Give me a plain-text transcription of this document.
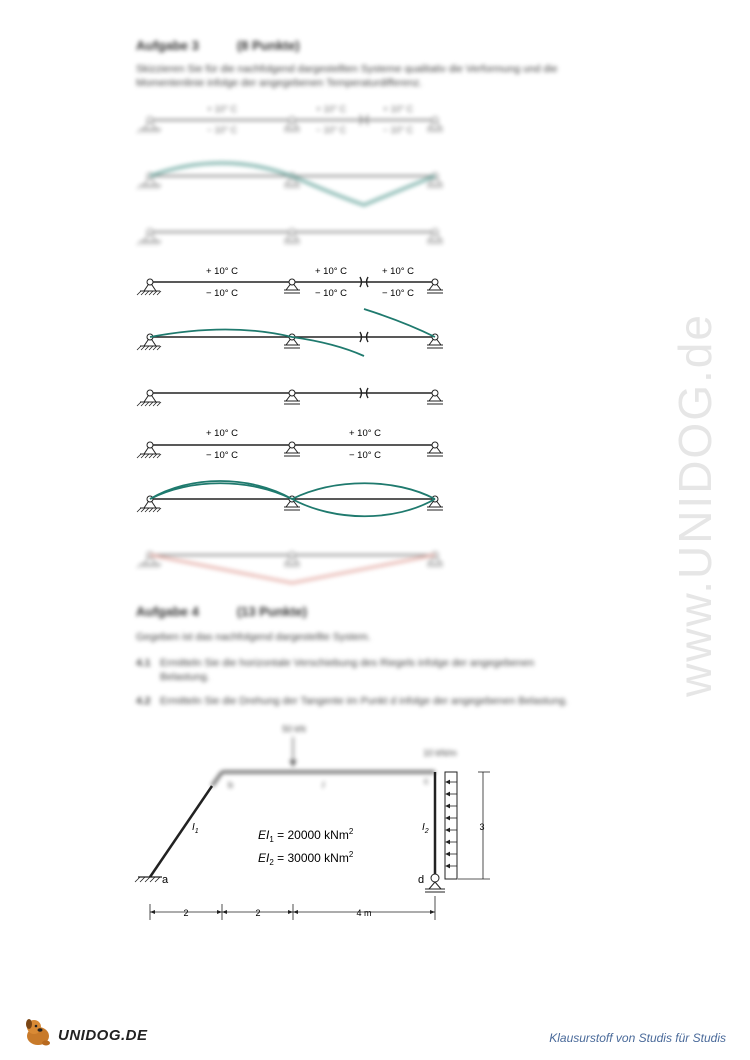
www.UNIDOG.de
Aufgabe 3	(8 Punkte)
Skizzieren Sie für die nachfolgend dargestellten Systeme qualitativ die Verformung und die
Momentenlinie infolge der angegebenen Temperaturdifferenz.
+ 10° C
− 10° C
+ 10° C
− 10° C
+ 10° C
− 10° C
+ 10° C
− 10° C
+ 10° C
− 10° C
+ 10° C
− 10° C
+ 10° C
− 10° C
+ 10° C
− 10° C
Aufgabe 4	(13 Punkte)
Gegeben ist das nachfolgend dargestellte System.
4.1 Ermitteln Sie die horizontale Verschiebung des Riegels infolge der angegebenen
Belastung.
4.2 Ermitteln Sie die Drehung der Tangente im Punkt d infolge der angegebenen Belastung.
50 kN
10 kN/m
b	c
I
a
$I_1$	$I_2$	3
d
$EI_1 = 20000$ kNm$^2$
$EI_2 = 30000$ kNm$^2$
2	2	4 m
UNIDOG.DE	Klausurstoff von Studis für Studis
